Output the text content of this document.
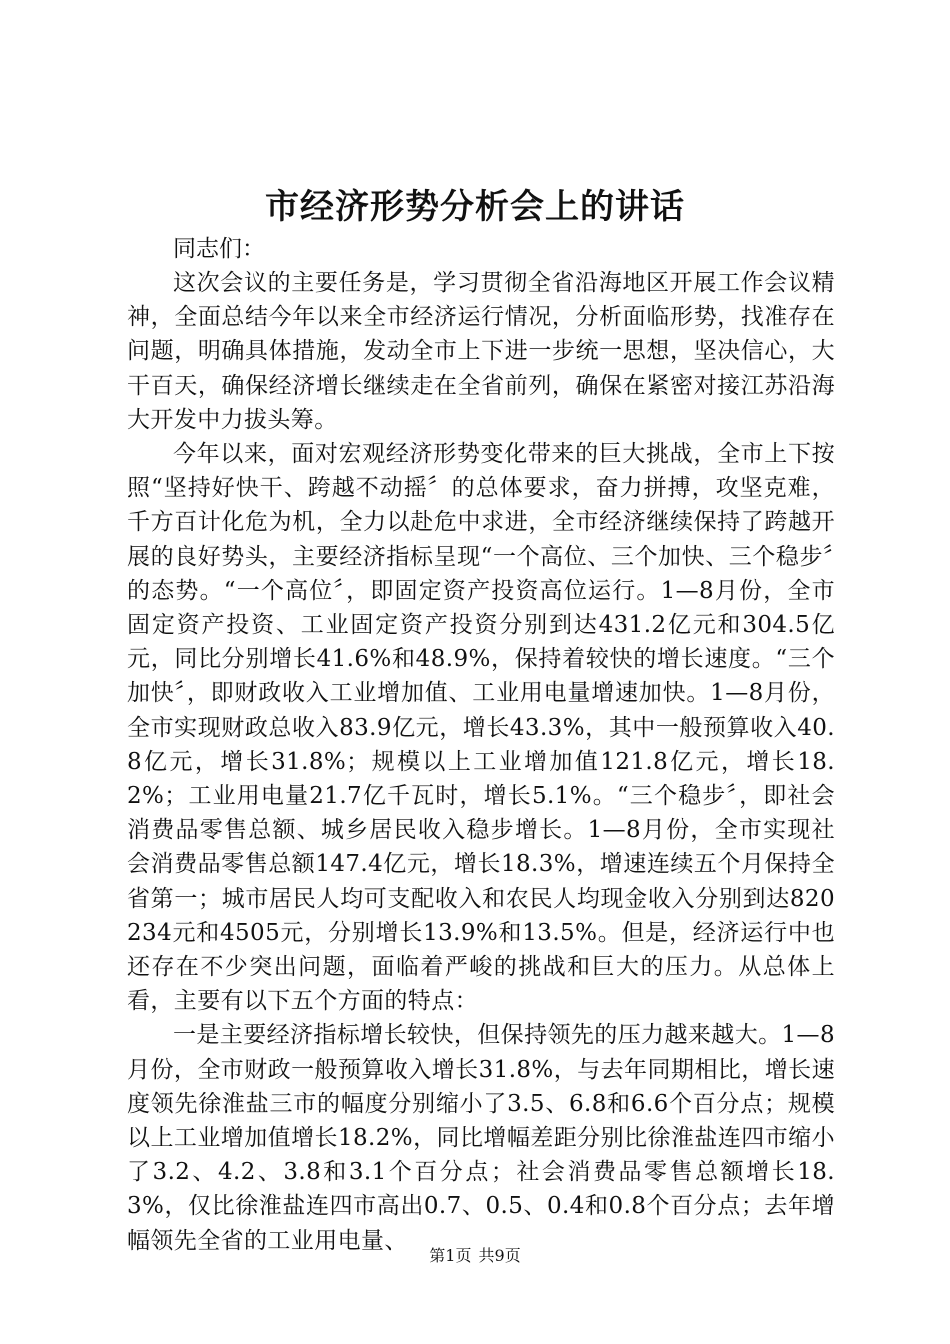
市经济形势分析会上的讲话

同志们：

这次会议的主要任务是，学习贯彻全省沿海地区开展工作会议精神，全面总结今年以来全市经济运行情况，分析面临形势，找准存在问题，明确具体措施，发动全市上下进一步统一思想，坚决信心，大干百天，确保经济增长继续走在全省前列，确保在紧密对接江苏沿海大开发中力拔头筹。

今年以来，面对宏观经济形势变化带来的巨大挑战，全市上下按照“坚持好快干、跨越不动摇〞的总体要求，奋力拼搏，攻坚克难，千方百计化危为机，全力以赴危中求进，全市经济继续保持了跨越开展的良好势头，主要经济指标呈现“一个高位、三个加快、三个稳步〞的态势。“一个高位〞，即固定资产投资高位运行。1—8月份，全市固定资产投资、工业固定资产投资分别到达431.2亿元和304.5亿元，同比分别增长41.6%和48.9%，保持着较快的增长速度。“三个加快〞，即财政收入工业增加值、工业用电量增速加快。1—8月份，全市实现财政总收入83.9亿元，增长43.3%，其中一般预算收入40.8亿元，增长31.8%；规模以上工业增加值121.8亿元，增长18.2%；工业用电量21.7亿千瓦时，增长5.1%。“三个稳步〞，即社会消费品零售总额、城乡居民收入稳步增长。1—8月份，全市实现社会消费品零售总额147.4亿元，增长18.3%，增速连续五个月保持全省第一；城市居民人均可支配收入和农民人均现金收入分别到达820234元和4505元，分别增长13.9%和13.5%。但是，经济运行中也还存在不少突出问题，面临着严峻的挑战和巨大的压力。从总体上看，主要有以下五个方面的特点：

一是主要经济指标增长较快，但保持领先的压力越来越大。1—8月份，全市财政一般预算收入增长31.8%，与去年同期相比，增长速度领先徐淮盐三市的幅度分别缩小了3.5、6.8和6.6个百分点；规模以上工业增加值增长18.2%，同比增幅差距分别比徐淮盐连四市缩小了3.2、4.2、3.8和3.1个百分点；社会消费品零售总额增长18.3%，仅比徐淮盐连四市高出0.7、0.5、0.4和0.8个百分点；去年增幅领先全省的工业用电量、

第1页 共9页
